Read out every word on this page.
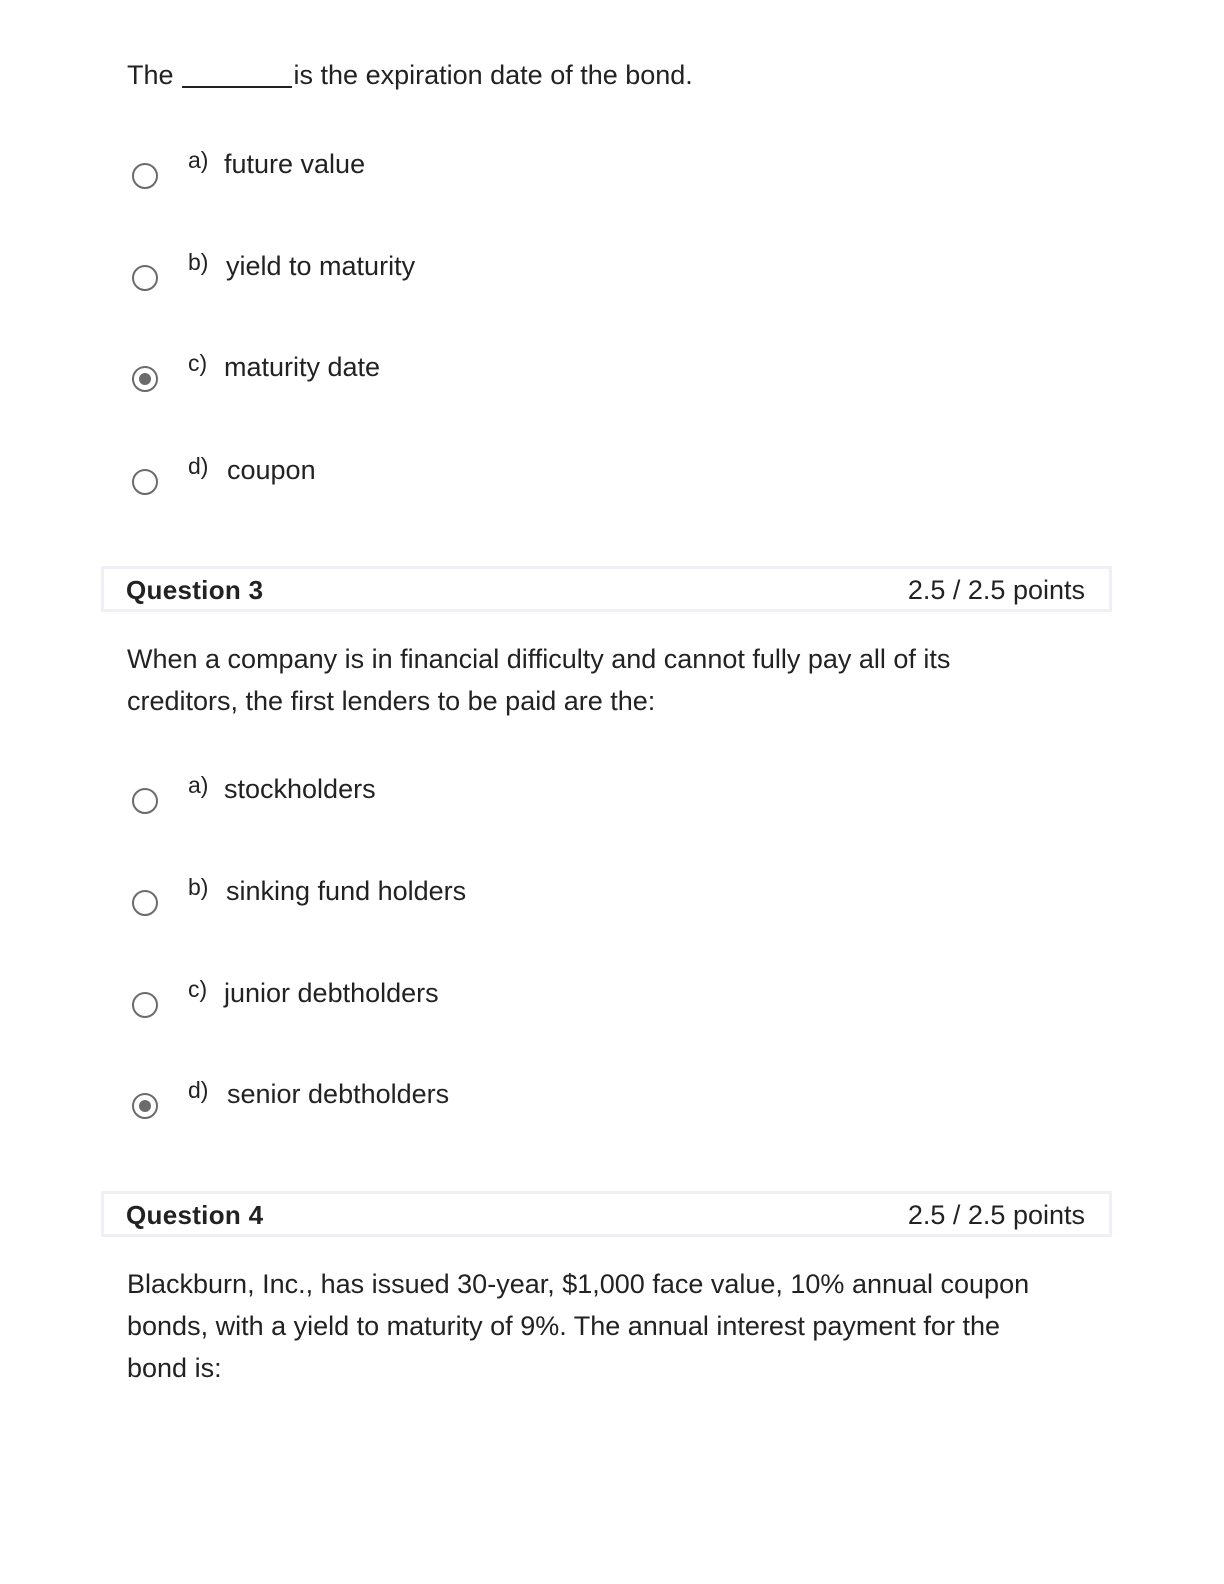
The	is the expiration date of the bond.
a) future value
b) yield to maturity
c) maturity date
d) coupon
Question 3	2.5 / 2.5 points
When a company is in financial difficulty and cannot fully pay all of its
creditors, the first lenders to be paid are the:
a) stockholders
b) sinking fund holders
c) junior debtholders
d) senior debtholders
Question 4	2.5 / 2.5 points
Blackburn, Inc., has issued 30-year, $1,000 face value, 10% annual coupon
bonds, with a yield to maturity of 9%. The annual interest payment for the
bond is:
